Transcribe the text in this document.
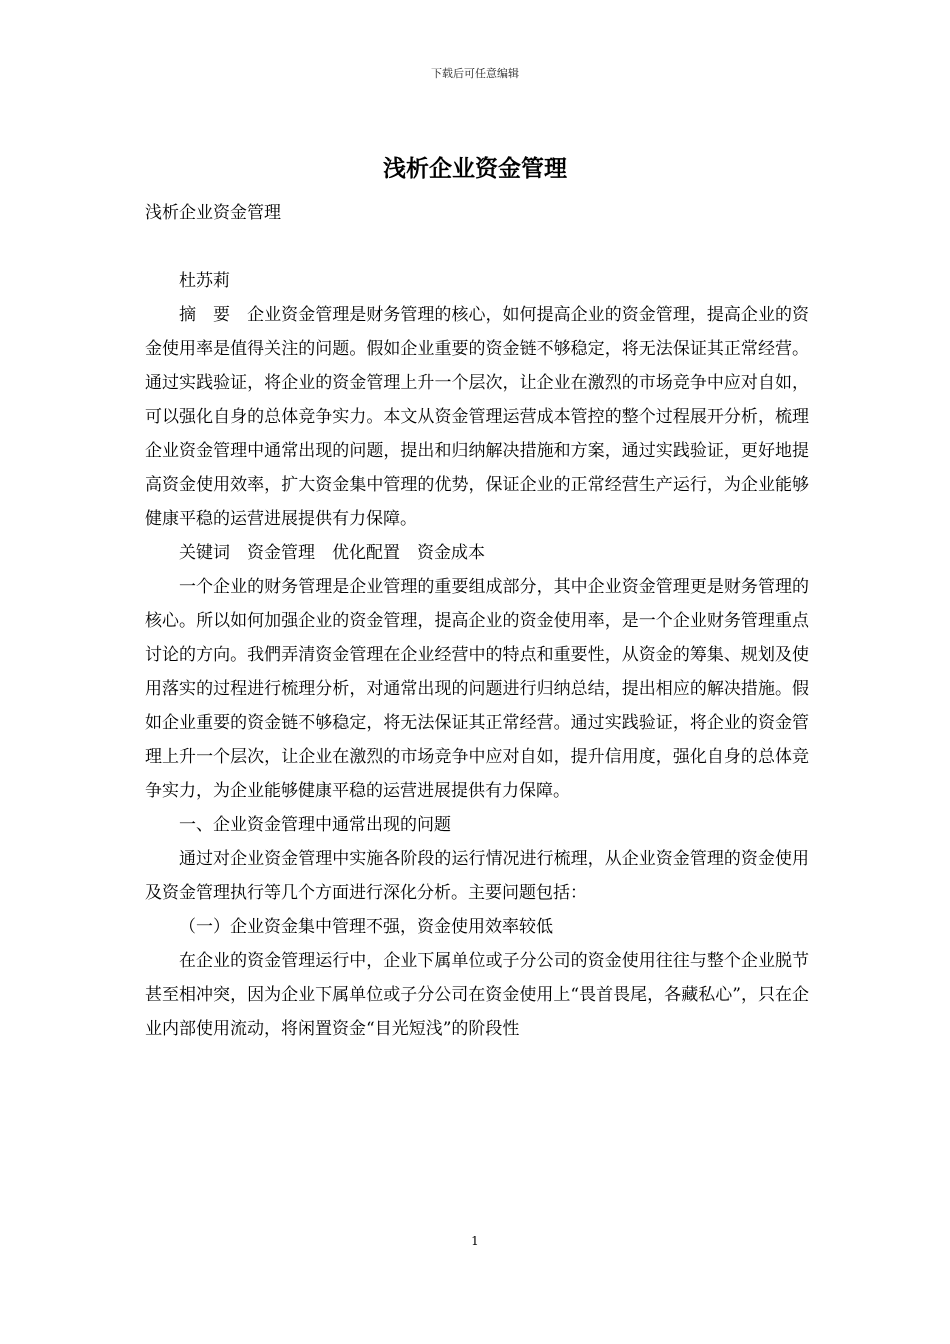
下载后可任意编辑
浅析企业资金管理

浅析企业资金管理

杜苏莉

摘　要　企业资金管理是财务管理的核心，如何提高企业的资金管理，提高企业的资金使用率是值得关注的问题。假如企业重要的资金链不够稳定，将无法保证其正常经营。通过实践验证，将企业的资金管理上升一个层次，让企业在激烈的市场竞争中应对自如，可以强化自身的总体竞争实力。本文从资金管理运营成本管控的整个过程展开分析，梳理企业资金管理中通常出现的问题，提出和归纳解决措施和方案，通过实践验证，更好地提高资金使用效率，扩大资金集中管理的优势，保证企业的正常经营生产运行，为企业能够健康平稳的运营进展提供有力保障。

关键词　资金管理　优化配置　资金成本

一个企业的财务管理是企业管理的重要组成部分，其中企业资金管理更是财务管理的核心。所以如何加强企业的资金管理，提高企业的资金使用率，是一个企业财务管理重点讨论的方向。我們弄清资金管理在企业经营中的特点和重要性，从资金的筹集、规划及使用落实的过程进行梳理分析，对通常出现的问题进行归纳总结，提出相应的解决措施。假如企业重要的资金链不够稳定，将无法保证其正常经营。通过实践验证，将企业的资金管理上升一个层次，让企业在激烈的市场竞争中应对自如，提升信用度，强化自身的总体竞争实力，为企业能够健康平稳的运营进展提供有力保障。

一、企业资金管理中通常出现的问题

通过对企业资金管理中实施各阶段的运行情况进行梳理，从企业资金管理的资金使用及资金管理执行等几个方面进行深化分析。主要问题包括：

（一）企业资金集中管理不强，资金使用效率较低

在企业的资金管理运行中，企业下属单位或子分公司的资金使用往往与整个企业脱节甚至相冲突，因为企业下属单位或子分公司在资金使用上“畏首畏尾，各藏私心”，只在企业内部使用流动，将闲置资金“目光短浅”的阶段性

1
